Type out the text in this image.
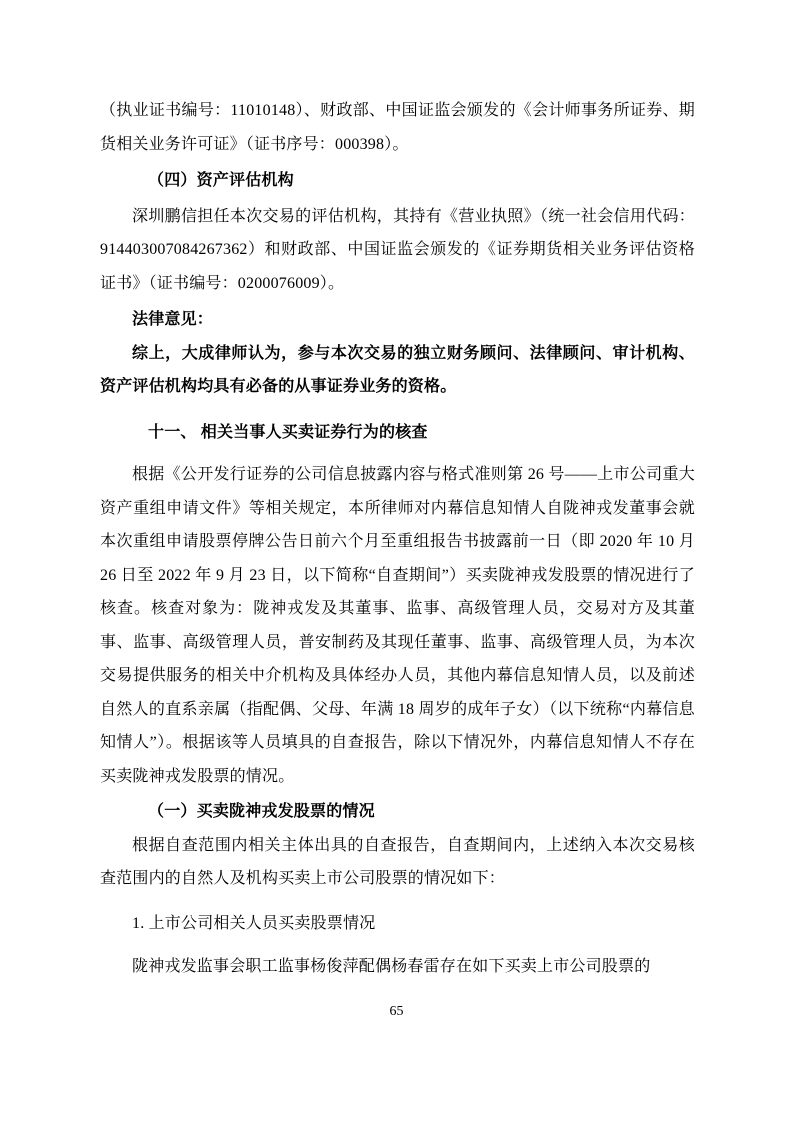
（执业证书编号：11010148）、财政部、中国证监会颁发的《会计师事务所证券、期货相关业务许可证》（证书序号：000398）。

（四）资产评估机构

深圳鹏信担任本次交易的评估机构，其持有《营业执照》（统一社会信用代码：914403007084267362）和财政部、中国证监会颁发的《证券期货相关业务评估资格证书》（证书编号：0200076009）。

法律意见：

综上，大成律师认为，参与本次交易的独立财务顾问、法律顾问、审计机构、资产评估机构均具有必备的从事证券业务的资格。

十一、 相关当事人买卖证券行为的核查

根据《公开发行证券的公司信息披露内容与格式准则第 26 号——上市公司重大资产重组申请文件》等相关规定，本所律师对内幕信息知情人自陇神戎发董事会就本次重组申请股票停牌公告日前六个月至重组报告书披露前一日（即 2020 年 10 月 26 日至 2022 年 9 月 23 日，以下简称“自查期间”）买卖陇神戎发股票的情况进行了核查。核查对象为：陇神戎发及其董事、监事、高级管理人员，交易对方及其董事、监事、高级管理人员，普安制药及其现任董事、监事、高级管理人员，为本次交易提供服务的相关中介机构及具体经办人员，其他内幕信息知情人员，以及前述自然人的直系亲属（指配偶、父母、年满 18 周岁的成年子女）（以下统称“内幕信息知情人”）。根据该等人员填具的自查报告，除以下情况外，内幕信息知情人不存在买卖陇神戎发股票的情况。

（一）买卖陇神戎发股票的情况

根据自查范围内相关主体出具的自查报告，自查期间内，上述纳入本次交易核查范围内的自然人及机构买卖上市公司股票的情况如下：

1. 上市公司相关人员买卖股票情况

陇神戎发监事会职工监事杨俊萍配偶杨春雷存在如下买卖上市公司股票的

65
